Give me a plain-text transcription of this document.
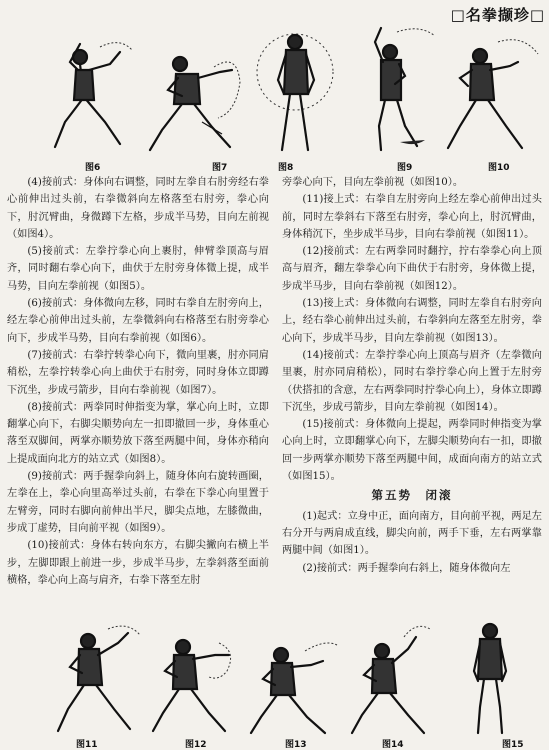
□名拳撷珍□
图6	图7	图8	图9	图10

(4)接前式：身体向右调整，同时左拳自右肘旁经右拳心前伸出过头前，右拳微斜向左格落至右肘旁，拳心向下，肘沉臂曲，身微蹲下左格，步成半马势，目向左前视（如图4）。

(5)接前式：左拳拧拳心向上裹肘，伸臂拳顶高与眉齐，同时翻右拳心向下，曲伏于左肘旁身体微上提，成半马势，目向左拳前视（如图5）。

(6)接前式：身体微向左移，同时右拳自左肘旁向上，经左拳心前伸出过头前，左拳微斜向右格落至右肘旁拳心向下，步成半马势，目向右拳前视（如图6）。

(7)接前式：右拳拧转拳心向下，微向里裹，肘亦同肩稍松，左拳拧转拳心向上曲伏于右肘旁，同时身体立即蹲下沉坐，步成弓箭步，目向右拳前视（如图7）。

(8)接前式：两拳同时伸指变为掌，掌心向上时，立即翻掌心向下，右脚尖顺势向左一扣即撤回一步，身体重心落至双脚间，两掌亦顺势放下落至两腿中间，身体亦稍向上提成面向北方的站立式（如图8）。

(9)接前式：两手握拳向斜上，随身体向右旋转画圈，左拳在上，拳心向里高举过头前，右拳在下拳心向里置于左臂旁，同时右脚向前伸出半尺，脚尖点地，左膝微曲，步成丁虚势，目向前平视（如图9）。

(10)接前式：身体右转向东方，右脚尖撇向右横上半步，左脚即跟上前进一步，步成半马步，左拳斜落至面前横格，拳心向上高与肩齐，右拳下落至左肘

旁拳心向下，目向左拳前视（如图10）。

(11)接上式：右拳自左肘旁向上经左拳心前伸出过头前，同时左拳斜右下落至右肘旁，拳心向上，肘沉臂曲，身体稍沉下，坐步成半马步，目向右拳前视（如图11）。

(12)接前式：左右两拳同时翻拧，拧右拳拳心向上顶高与眉齐，翻左拳拳心向下曲伏于右肘旁，身体微上提，步成半马步，目向右拳前视（如图12）。

(13)接上式：身体微向右调整，同时左拳自右肘旁向上，经右拳心前伸出过头前，右拳斜向左落至左肘旁，拳心向下，步成半马步，目向左拳前视（如图13）。

(14)接前式：左拳拧拳心向上顶高与眉齐（左拳微向里裹，肘亦同肩稍松），同时右拳拧拳心向上置于左肘旁（伏搭扣的含意，左右两拳同时拧拳心向上），身体立即蹲下沉坐，步成弓箭步，目向左拳前视（如图14）。

(15)接前式：身体微向上提起，两拳同时伸指变为掌心向上时，立即翻掌心向下，左脚尖顺势向右一扣，即撤回一步两掌亦顺势下落至两腿中间，成面向南方的站立式（如图15）。

第五势　闭滚

(1)起式：立身中正，面向南方，目向前平视，两足左右分开与两肩成直线，脚尖向前，两手下垂，左右两掌靠两腿中间（如图1）。

(2)接前式：两手握拳向右斜上，随身体微向左

图11	图12	图13	图14	图15
